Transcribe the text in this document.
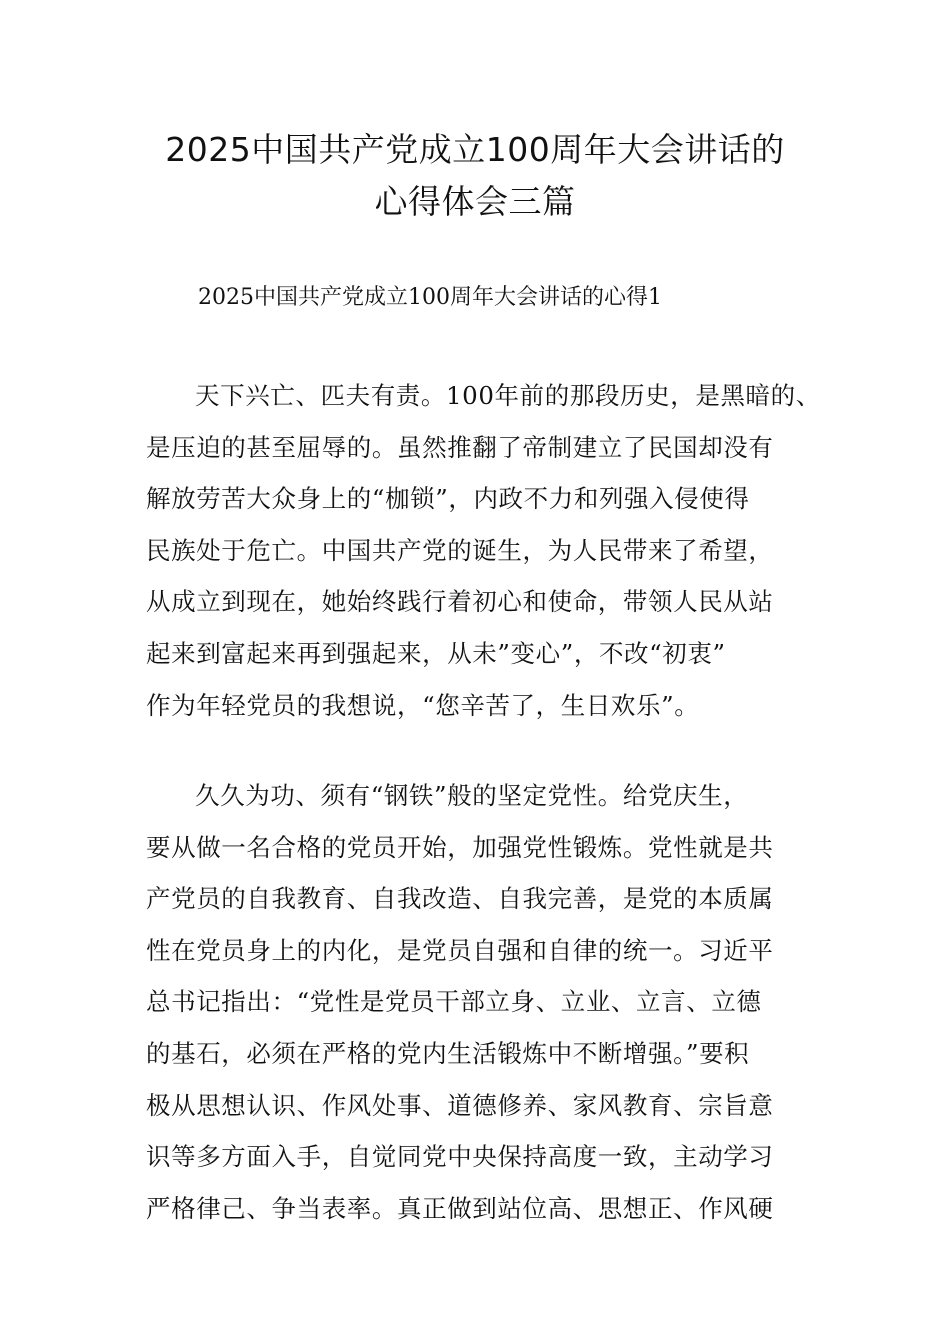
2025中国共产党成立100周年大会讲话的
心得体会三篇
2025中国共产党成立100周年大会讲话的心得1
天下兴亡、匹夫有责。100年前的那段历史，是黑暗的、
是压迫的甚至屈辱的。虽然推翻了帝制建立了民国却没有
解放劳苦大众身上的“枷锁”，内政不力和列强入侵使得
民族处于危亡。中国共产党的诞生，为人民带来了希望，
从成立到现在，她始终践行着初心和使命，带领人民从站
起来到富起来再到强起来，从未”变心”，不改“初衷”
作为年轻党员的我想说，“您辛苦了，生日欢乐”。
久久为功、须有“钢铁”般的坚定党性。给党庆生，
要从做一名合格的党员开始，加强党性锻炼。党性就是共
产党员的自我教育、自我改造、自我完善，是党的本质属
性在党员身上的内化，是党员自强和自律的统一。习近平
总书记指出：“党性是党员干部立身、立业、立言、立德
的基石，必须在严格的党内生活锻炼中不断增强。”要积
极从思想认识、作风处事、道德修养、家风教育、宗旨意
识等多方面入手，自觉同党中央保持高度一致，主动学习
严格律己、争当表率。真正做到站位高、思想正、作风硬
